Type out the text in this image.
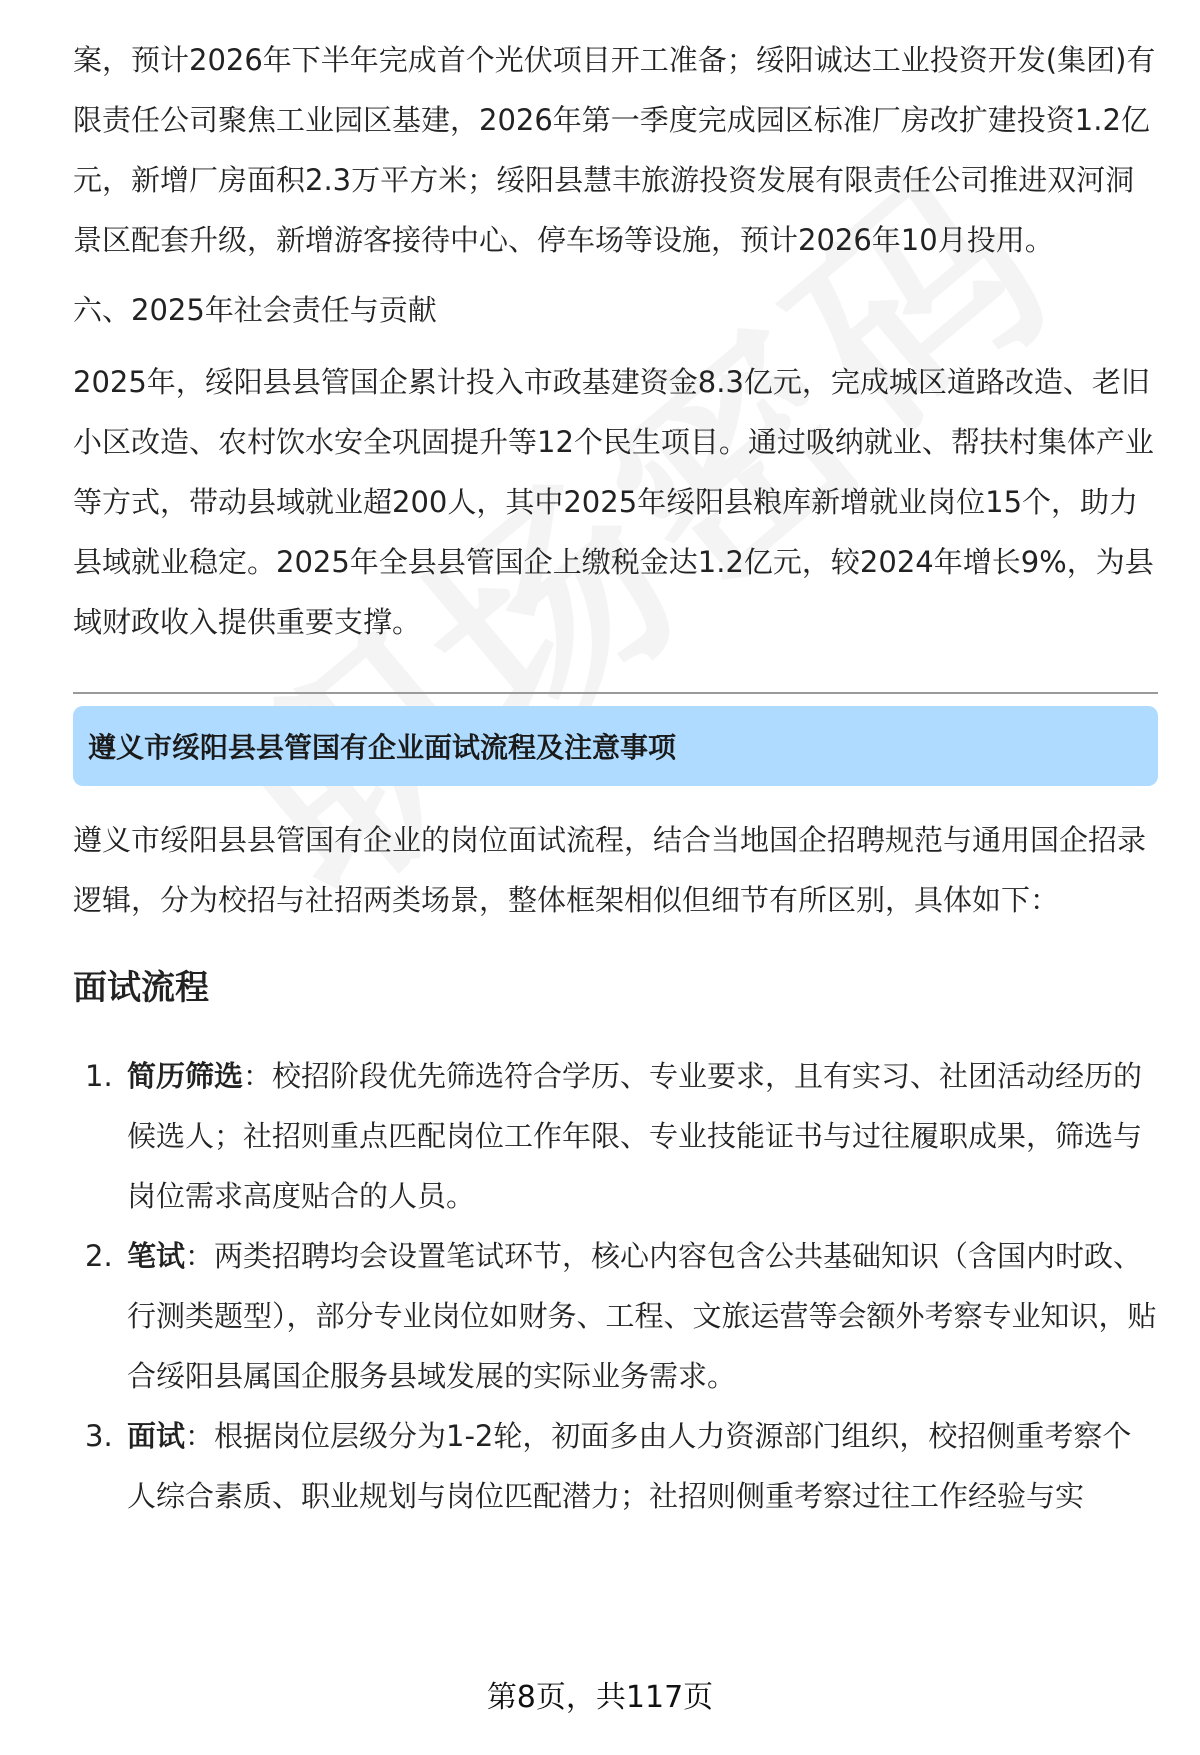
案，预计2026年下半年完成首个光伏项目开工准备；绥阳诚达工业投资开发(集团)有限责任公司聚焦工业园区基建，2026年第一季度完成园区标准厂房改扩建投资1.2亿元，新增厂房面积2.3万平方米；绥阳县慧丰旅游投资发展有限责任公司推进双河洞景区配套升级，新增游客接待中心、停车场等设施，预计2026年10月投用。

六、2025年社会责任与贡献

2025年，绥阳县县管国企累计投入市政基建资金8.3亿元，完成城区道路改造、老旧小区改造、农村饮水安全巩固提升等12个民生项目。通过吸纳就业、帮扶村集体产业等方式，带动县域就业超200人，其中2025年绥阳县粮库新增就业岗位15个，助力县域就业稳定。2025年全县县管国企上缴税金达1.2亿元，较2024年增长9%，为县域财政收入提供重要支撑。

遵义市绥阳县县管国有企业面试流程及注意事项

遵义市绥阳县县管国有企业的岗位面试流程，结合当地国企招聘规范与通用国企招录逻辑，分为校招与社招两类场景，整体框架相似但细节有所区别，具体如下：

面试流程

1. 简历筛选：校招阶段优先筛选符合学历、专业要求，且有实习、社团活动经历的候选人；社招则重点匹配岗位工作年限、专业技能证书与过往履职成果，筛选与岗位需求高度贴合的人员。
2. 笔试：两类招聘均会设置笔试环节，核心内容包含公共基础知识（含国内时政、行测类题型），部分专业岗位如财务、工程、文旅运营等会额外考察专业知识，贴合绥阳县属国企服务县域发展的实际业务需求。
3. 面试：根据岗位层级分为1-2轮，初面多由人力资源部门组织，校招侧重考察个人综合素质、职业规划与岗位匹配潜力；社招则侧重考察过往工作经验与实
第8页，共117页
